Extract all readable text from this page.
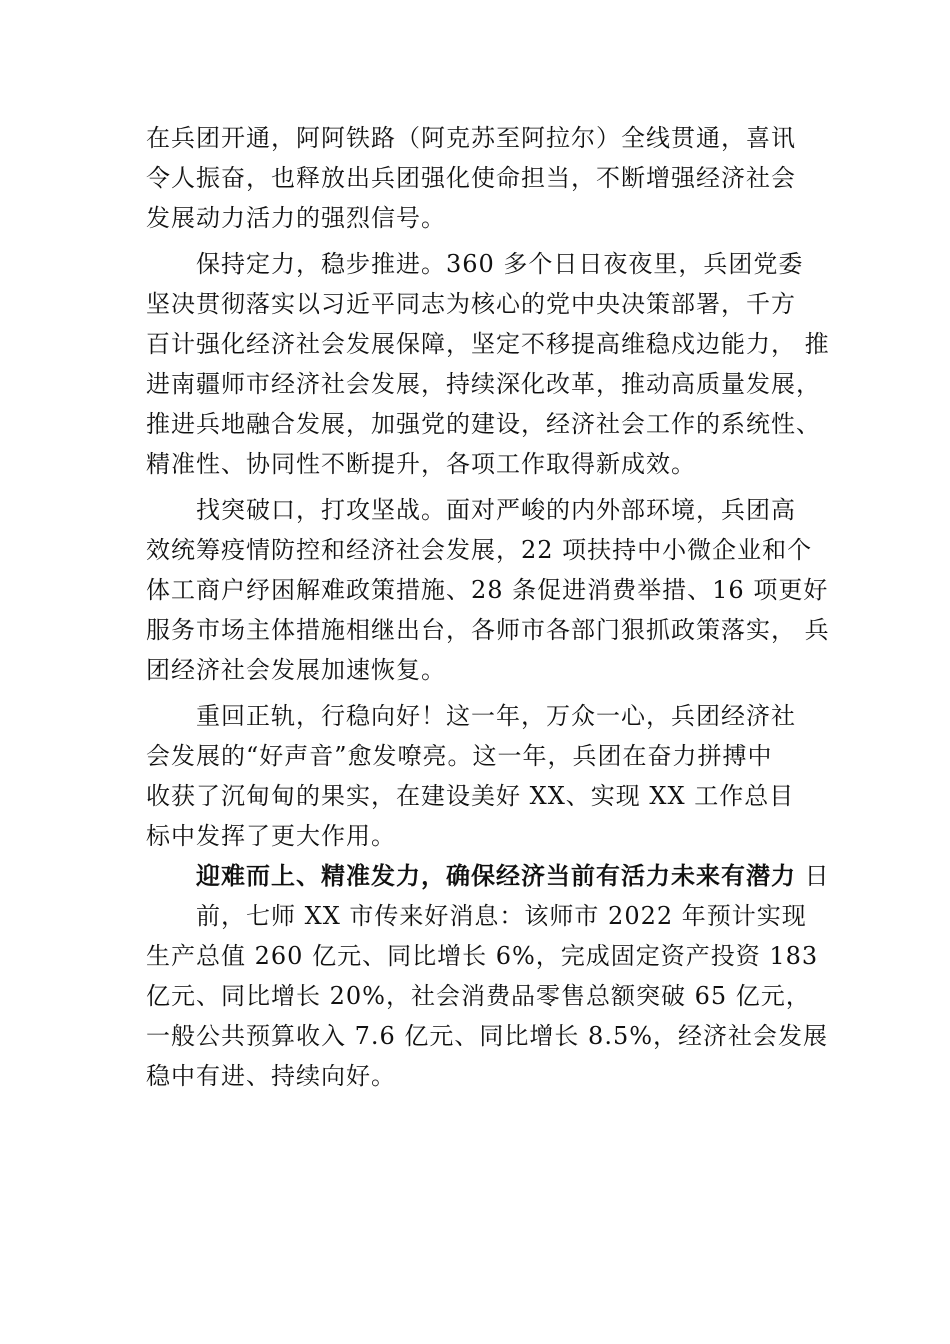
在兵团开通，阿阿铁路（阿克苏至阿拉尔）全线贯通，喜讯
令人振奋，也释放出兵团强化使命担当，不断增强经济社会
发展动力活力的强烈信号。
保持定力，稳步推进。360 多个日日夜夜里，兵团党委
坚决贯彻落实以习近平同志为核心的党中央决策部署，千方
百计强化经济社会发展保障，坚定不移提高维稳戍边能力， 推
进南疆师市经济社会发展，持续深化改革，推动高质量发展，
推进兵地融合发展，加强党的建设，经济社会工作的系统性、
精准性、协同性不断提升，各项工作取得新成效。
找突破口，打攻坚战。面对严峻的内外部环境，兵团高
效统筹疫情防控和经济社会发展，22 项扶持中小微企业和个
体工商户纾困解难政策措施、28 条促进消费举措、16 项更好
服务市场主体措施相继出台，各师市各部门狠抓政策落实， 兵
团经济社会发展加速恢复。
重回正轨，行稳向好！这一年，万众一心，兵团经济社
会发展的“好声音”愈发嘹亮。这一年，兵团在奋力拼搏中
收获了沉甸甸的果实，在建设美好 XX、实现 XX 工作总目
标中发挥了更大作用。
迎难而上、精准发力，确保经济当前有活力未来有潜力 日
前，七师 XX 市传来好消息：该师市 2022 年预计实现
生产总值 260 亿元、同比增长 6%，完成固定资产投资 183
亿元、同比增长 20%，社会消费品零售总额突破 65 亿元，
一般公共预算收入 7.6 亿元、同比增长 8.5%，经济社会发展
稳中有进、持续向好。
